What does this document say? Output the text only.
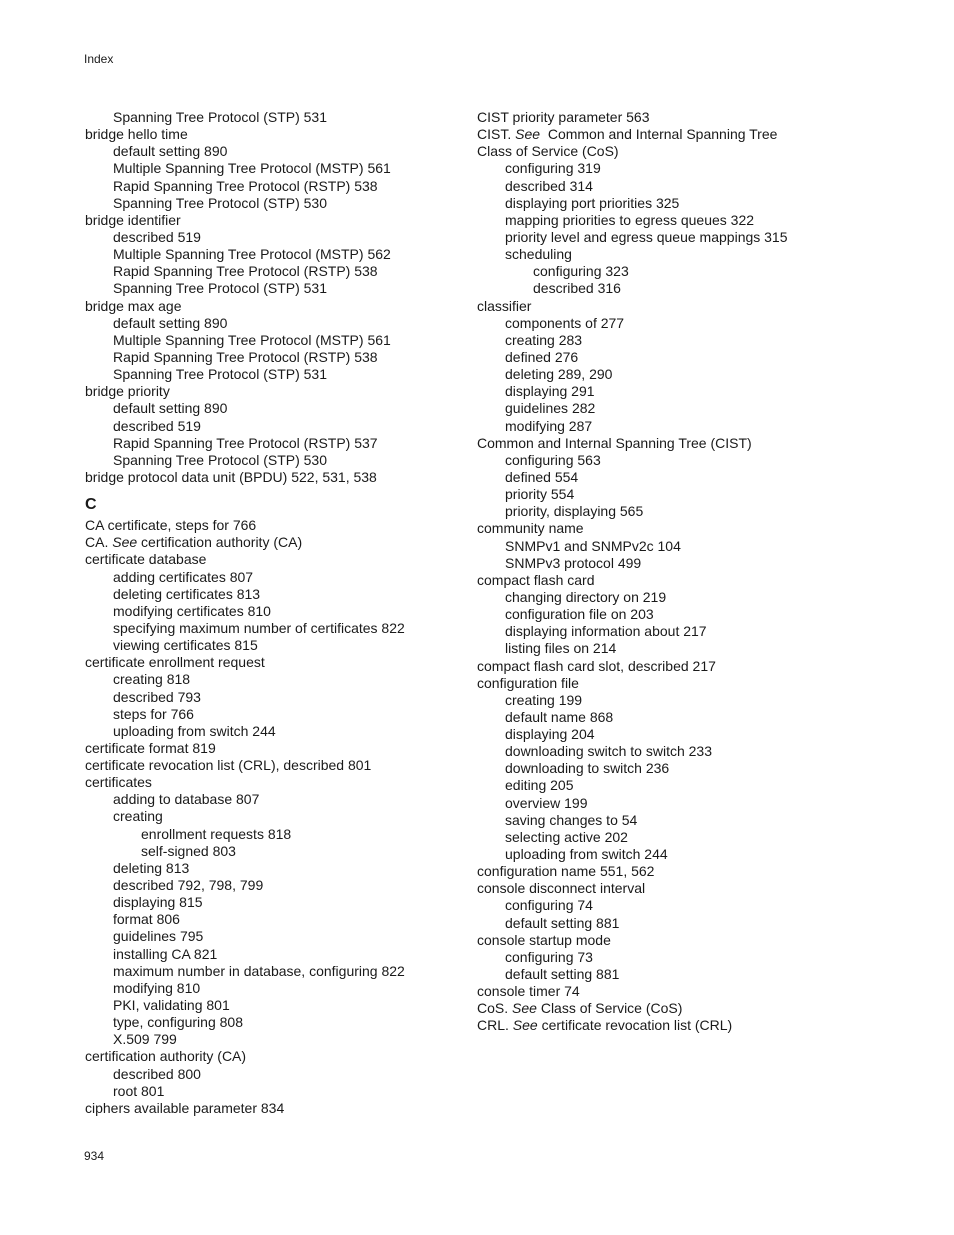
Index
Spanning Tree Protocol (STP) 531
bridge hello time
default setting 890
Multiple Spanning Tree Protocol (MSTP) 561
Rapid Spanning Tree Protocol (RSTP) 538
Spanning Tree Protocol (STP) 530
bridge identifier
described 519
Multiple Spanning Tree Protocol (MSTP) 562
Rapid Spanning Tree Protocol (RSTP) 538
Spanning Tree Protocol (STP) 531
bridge max age
default setting 890
Multiple Spanning Tree Protocol (MSTP) 561
Rapid Spanning Tree Protocol (RSTP) 538
Spanning Tree Protocol (STP) 531
bridge priority
default setting 890
described 519
Rapid Spanning Tree Protocol (RSTP) 537
Spanning Tree Protocol (STP) 530
bridge protocol data unit (BPDU) 522, 531, 538
C
CA certificate, steps for 766
CA. See certification authority (CA)
certificate database
adding certificates 807
deleting certificates 813
modifying certificates 810
specifying maximum number of certificates 822
viewing certificates 815
certificate enrollment request
creating 818
described 793
steps for 766
uploading from switch 244
certificate format 819
certificate revocation list (CRL), described 801
certificates
adding to database 807
creating
enrollment requests 818
self-signed 803
deleting 813
described 792, 798, 799
displaying 815
format 806
guidelines 795
installing CA 821
maximum number in database, configuring 822
modifying 810
PKI, validating 801
type, configuring 808
X.509 799
certification authority (CA)
described 800
root 801
ciphers available parameter 834
CIST priority parameter 563
CIST. See Common and Internal Spanning Tree
Class of Service (CoS)
configuring 319
described 314
displaying port priorities 325
mapping priorities to egress queues 322
priority level and egress queue mappings 315
scheduling
configuring 323
described 316
classifier
components of 277
creating 283
defined 276
deleting 289, 290
displaying 291
guidelines 282
modifying 287
Common and Internal Spanning Tree (CIST)
configuring 563
defined 554
priority 554
priority, displaying 565
community name
SNMPv1 and SNMPv2c 104
SNMPv3 protocol 499
compact flash card
changing directory on 219
configuration file on 203
displaying information about 217
listing files on 214
compact flash card slot, described 217
configuration file
creating 199
default name 868
displaying 204
downloading switch to switch 233
downloading to switch 236
editing 205
overview 199
saving changes to 54
selecting active 202
uploading from switch 244
configuration name 551, 562
console disconnect interval
configuring 74
default setting 881
console startup mode
configuring 73
default setting 881
console timer 74
CoS. See Class of Service (CoS)
CRL. See certificate revocation list (CRL)
934
